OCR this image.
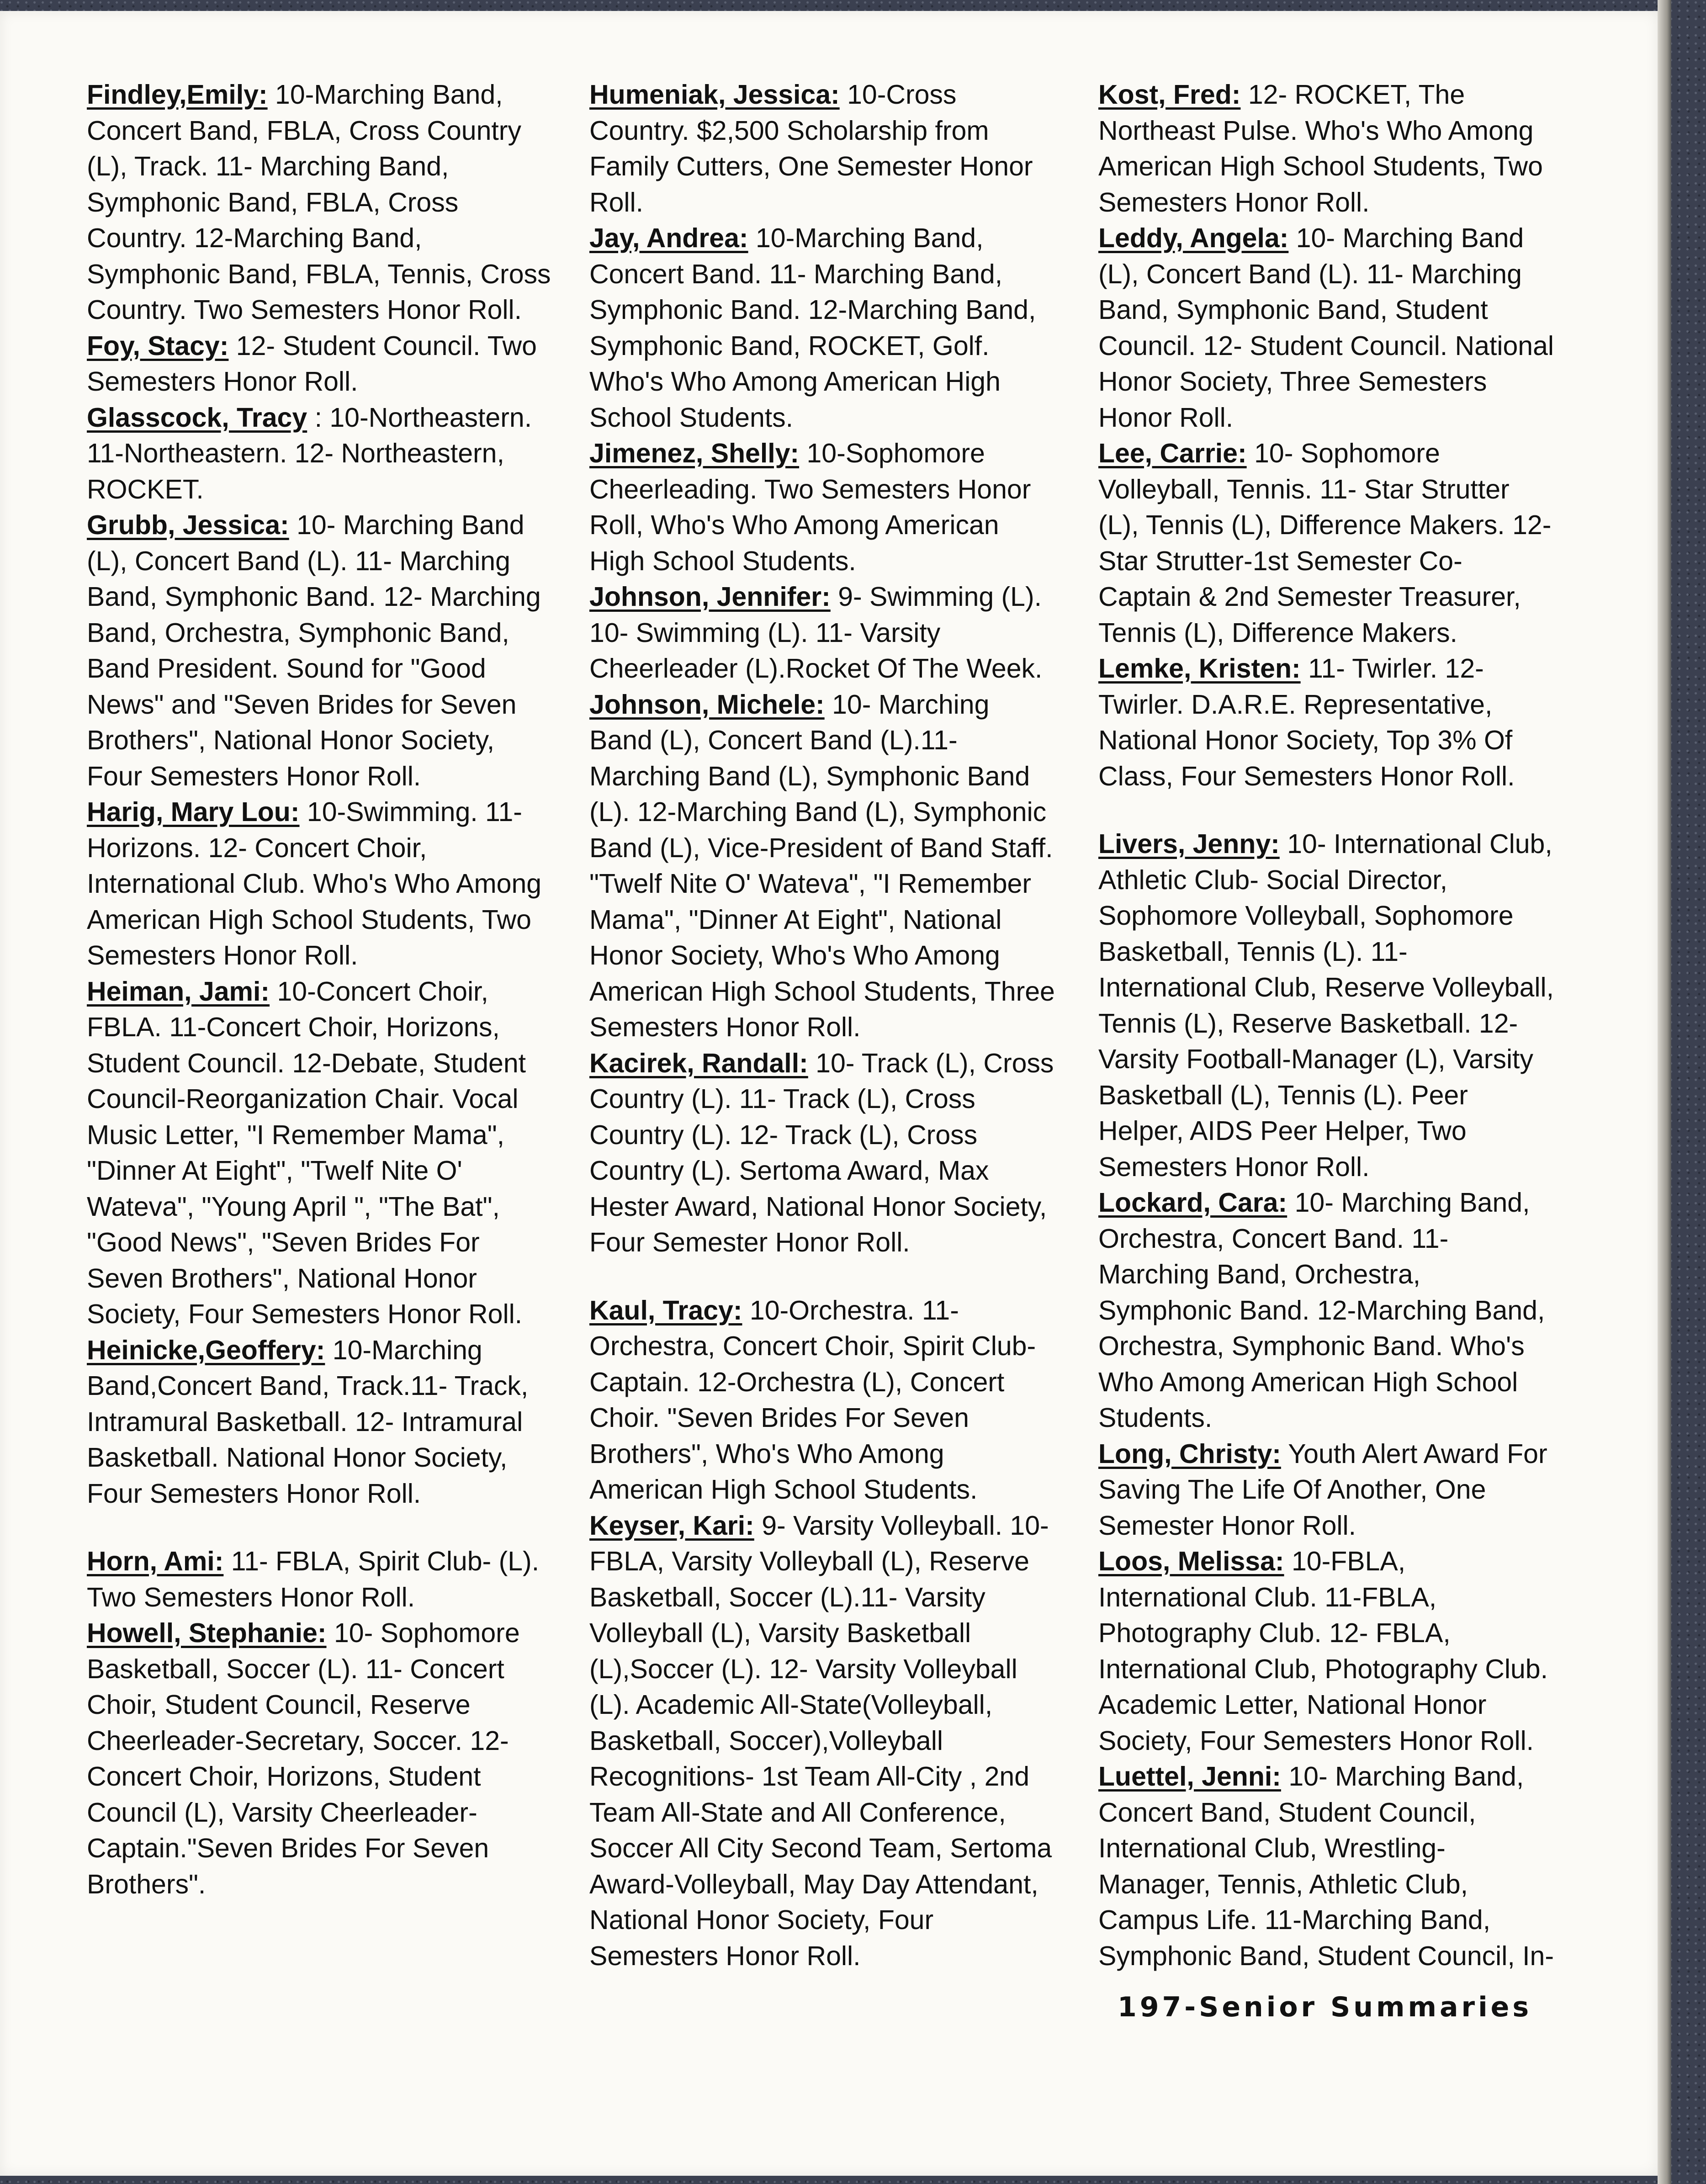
Findley,Emily: 10-Marching Band, Concert Band, FBLA, Cross Country (L), Track. 11- Marching Band, Symphonic Band, FBLA, Cross Country. 12-Marching Band, Symphonic Band, FBLA, Tennis, Cross Country. Two Semesters Honor Roll.

Foy, Stacy: 12- Student Council. Two Semesters Honor Roll.

Glasscock, Tracy : 10-Northeastern. 11-Northeastern. 12- Northeastern, ROCKET.

Grubb, Jessica: 10- Marching Band (L), Concert Band (L). 11- Marching Band, Symphonic Band. 12- Marching Band, Orchestra, Symphonic Band, Band President. Sound for "Good News" and "Seven Brides for Seven Brothers", National Honor Society, Four Semesters Honor Roll.

Harig, Mary Lou: 10-Swimming. 11- Horizons. 12- Concert Choir, International Club. Who's Who Among American High School Students, Two Semesters Honor Roll.

Heiman, Jami: 10-Concert Choir, FBLA. 11-Concert Choir, Horizons, Student Council. 12-Debate, Student Council-Reorganization Chair. Vocal Music Letter, "I Remember Mama", "Dinner At Eight", "Twelf Nite O' Wateva", "Young April ", "The Bat", "Good News", "Seven Brides For Seven Brothers", National Honor Society, Four Semesters Honor Roll.

Heinicke,Geoffery: 10-Marching Band,Concert Band, Track.11- Track, Intramural Basketball. 12- Intramural Basketball. National Honor Society, Four Semesters Honor Roll.

Horn, Ami: 11- FBLA, Spirit Club- (L). Two Semesters Honor Roll.

Howell, Stephanie: 10- Sophomore Basketball, Soccer (L). 11- Concert Choir, Student Council, Reserve Cheerleader-Secretary, Soccer. 12-Concert Choir, Horizons, Student Council (L), Varsity Cheerleader-Captain."Seven Brides For Seven Brothers".

Humeniak, Jessica: 10-Cross Country. $2,500 Scholarship from Family Cutters, One Semester Honor Roll.

Jay, Andrea: 10-Marching Band, Concert Band. 11- Marching Band, Symphonic Band. 12-Marching Band, Symphonic Band, ROCKET, Golf. Who's Who Among American High School Students.

Jimenez, Shelly: 10-Sophomore Cheerleading. Two Semesters Honor Roll, Who's Who Among American High School Students.

Johnson, Jennifer: 9- Swimming (L). 10- Swimming (L). 11- Varsity Cheerleader (L).Rocket Of The Week.

Johnson, Michele: 10- Marching Band (L), Concert Band (L).11- Marching Band (L), Symphonic Band (L). 12-Marching Band (L), Symphonic Band (L), Vice-President of Band Staff. "Twelf Nite O' Wateva", "I Remember Mama", "Dinner At Eight", National Honor Society, Who's Who Among American High School Students, Three Semesters Honor Roll.

Kacirek, Randall: 10- Track (L), Cross Country (L). 11- Track (L), Cross Country (L). 12- Track (L), Cross Country (L). Sertoma Award, Max Hester Award, National Honor Society, Four Semester Honor Roll.

Kaul, Tracy: 10-Orchestra. 11- Orchestra, Concert Choir, Spirit Club- Captain. 12-Orchestra (L), Concert Choir. "Seven Brides For Seven Brothers", Who's Who Among American High School Students.

Keyser, Kari: 9- Varsity Volleyball. 10-FBLA, Varsity Volleyball (L), Reserve Basketball, Soccer (L).11- Varsity Volleyball (L), Varsity Basketball (L),Soccer (L). 12- Varsity Volleyball (L). Academic All-State(Volleyball, Basketball, Soccer),Volleyball Recognitions- 1st Team All-City , 2nd Team All-State and All Conference, Soccer All City Second Team, Sertoma Award-Volleyball, May Day Attendant, National Honor Society, Four Semesters Honor Roll.

Kost, Fred: 12- ROCKET, The Northeast Pulse. Who's Who Among American High School Students, Two Semesters Honor Roll.

Leddy, Angela: 10- Marching Band (L), Concert Band (L). 11- Marching Band, Symphonic Band, Student Council. 12- Student Council. National Honor Society, Three Semesters Honor Roll.

Lee, Carrie: 10- Sophomore Volleyball, Tennis. 11- Star Strutter (L), Tennis (L), Difference Makers. 12- Star Strutter-1st Semester Co-Captain & 2nd Semester Treasurer, Tennis (L), Difference Makers.

Lemke, Kristen: 11- Twirler. 12- Twirler. D.A.R.E. Representative, National Honor Society, Top 3% Of Class, Four Semesters Honor Roll.

Livers, Jenny: 10- International Club, Athletic Club- Social Director, Sophomore Volleyball, Sophomore Basketball, Tennis (L). 11-International Club, Reserve Volleyball, Tennis (L), Reserve Basketball. 12- Varsity Football-Manager (L), Varsity Basketball (L), Tennis (L). Peer Helper, AIDS Peer Helper, Two Semesters Honor Roll.

Lockard, Cara: 10- Marching Band, Orchestra, Concert Band. 11- Marching Band, Orchestra, Symphonic Band. 12-Marching Band, Orchestra, Symphonic Band. Who's Who Among American High School Students.

Long, Christy: Youth Alert Award For Saving The Life Of Another, One Semester Honor Roll.

Loos, Melissa: 10-FBLA, International Club. 11-FBLA, Photography Club. 12- FBLA, International Club, Photography Club. Academic Letter, National Honor Society, Four Semesters Honor Roll.

Luettel, Jenni: 10- Marching Band, Concert Band, Student Council, International Club, Wrestling-Manager, Tennis, Athletic Club, Campus Life. 11-Marching Band, Symphonic Band, Student Council, In-

197-Senior Summaries
